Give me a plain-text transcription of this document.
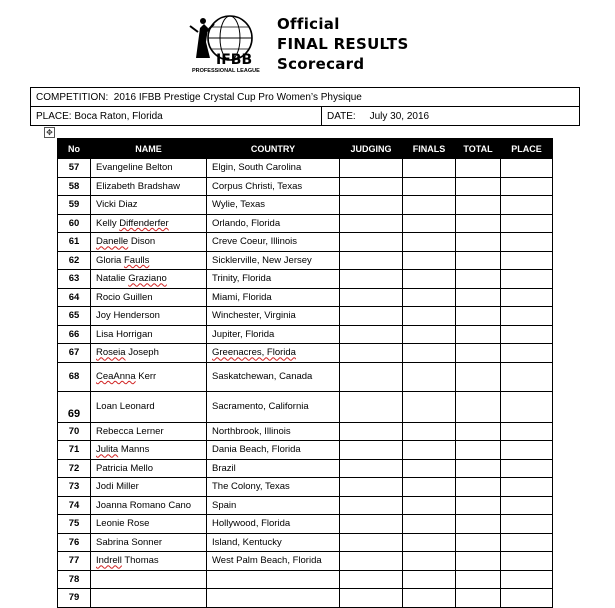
IFBB
PROFESSIONAL LEAGUE
Official
FINAL RESULTS
Scorecard
COMPETITION: 2016 IFBB Prestige Crystal Cup Pro Women’s Physique
PLACE: Boca Raton, Florida	DATE: July 30, 2016
✥
No	NAME	COUNTRY	JUDGING	FINALS	TOTAL	PLACE
57	Evangeline Belton	Elgin, South Carolina				
58	Elizabeth Bradshaw	Corpus Christi, Texas				
59	Vicki Diaz	Wylie, Texas				
60	Kelly Diffenderfer	Orlando, Florida				
61	Danelle Dison	Creve Coeur, Illinois				
62	Gloria Faulls	Sicklerville, New Jersey				
63	Natalie Graziano	Trinity, Florida				
64	Rocio Guillen	Miami, Florida				
65	Joy Henderson	Winchester, Virginia				
66	Lisa Horrigan	Jupiter, Florida				
67	Roseia Joseph	Greenacres, Florida				
68	CeaAnna Kerr	Saskatchewan, Canada				
69	Loan Leonard	Sacramento, California				
70	Rebecca Lerner	Northbrook, Illinois				
71	Julita Manns	Dania Beach, Florida				
72	Patricia Mello	Brazil				
73	Jodi Miller	The Colony, Texas				
74	Joanna Romano Cano	Spain				
75	Leonie Rose	Hollywood, Florida				
76	Sabrina Sonner	Island, Kentucky				
77	Indrell Thomas	West Palm Beach, Florida				
78						
79						
